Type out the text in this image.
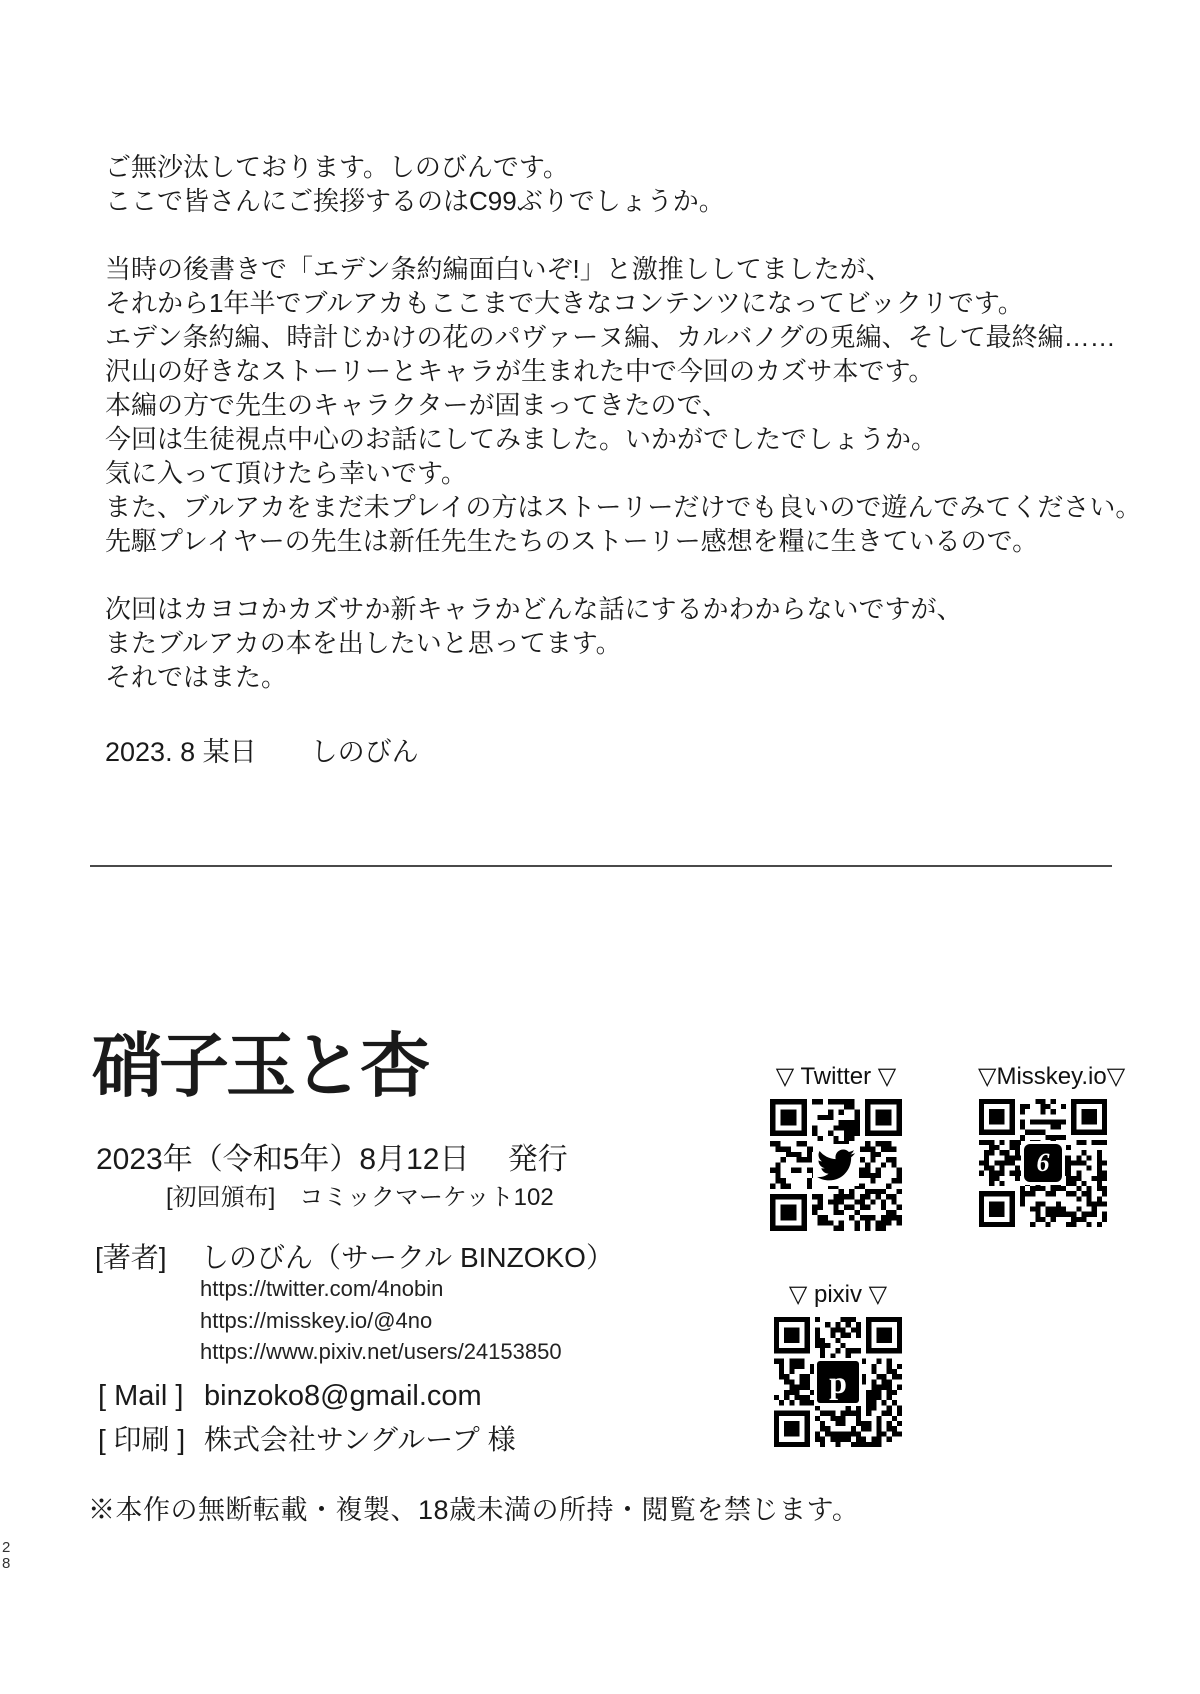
ご無沙汰しております。しのびんです。
ここで皆さんにご挨拶するのはC99ぶりでしょうか。
当時の後書きで「エデン条約編面白いぞ!」と激推ししてましたが、
それから1年半でブルアカもここまで大きなコンテンツになってビックリです。
エデン条約編、時計じかけの花のパヴァーヌ編、カルバノグの兎編、そして最終編……
沢山の好きなストーリーとキャラが生まれた中で今回のカズサ本です。
本編の方で先生のキャラクターが固まってきたので、
今回は生徒視点中心のお話にしてみました。いかがでしたでしょうか。
気に入って頂けたら幸いです。
また、ブルアカをまだ未プレイの方はストーリーだけでも良いので遊んでみてください。
先駆プレイヤーの先生は新任先生たちのストーリー感想を糧に生きているので。
次回はカヨコかカズサか新キャラかどんな話にするかわからないですが、
またブルアカの本を出したいと思ってます。
それではまた。
2023. 8 某日　　しのびん
硝子玉と杏
2023年（令和5年）8月12日　 発行
[初回頒布]　コミックマーケット102
[著者] しのびん（サークル BINZOKO）
https://twitter.com/4nobin
https://misskey.io/@4no
https://www.pixiv.net/users/24153850
[ Mail ] binzoko8@gmail.com
[ 印刷 ] 株式会社サングループ 様
※本作の無断転載・複製、18歳未満の所持・閲覧を禁じます。
▽ Twitter ▽	▽Misskey.io▽
6
▽ pixiv ▽
p
2
8
